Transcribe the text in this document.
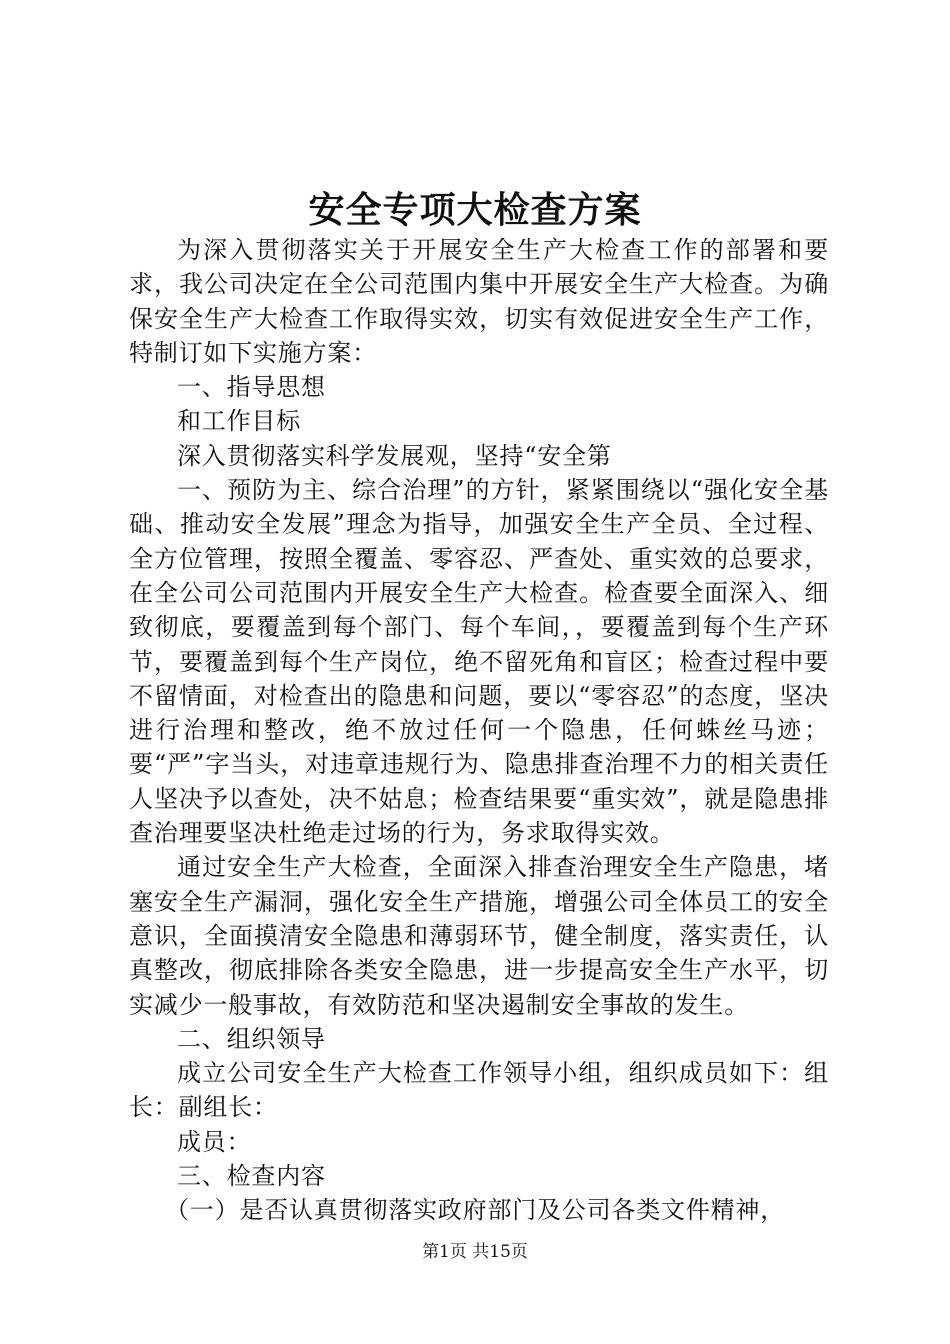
安全专项大检查方案

为深入贯彻落实关于开展安全生产大检查工作的部署和要求，我公司决定在全公司范围内集中开展安全生产大检查。为确保安全生产大检查工作取得实效，切实有效促进安全生产工作，特制订如下实施方案：

一、指导思想

和工作目标

深入贯彻落实科学发展观，坚持“安全第

一、预防为主、综合治理”的方针，紧紧围绕以“强化安全基础、推动安全发展”理念为指导，加强安全生产全员、全过程、全方位管理，按照全覆盖、零容忍、严查处、重实效的总要求，在全公司公司范围内开展安全生产大检查。检查要全面深入、细致彻底，要覆盖到每个部门、每个车间，，要覆盖到每个生产环节，要覆盖到每个生产岗位，绝不留死角和盲区；检查过程中要不留情面，对检查出的隐患和问题，要以“零容忍”的态度，坚决进行治理和整改，绝不放过任何一个隐患，任何蛛丝马迹；要“严”字当头，对违章违规行为、隐患排查治理不力的相关责任人坚决予以查处，决不姑息；检查结果要“重实效”，就是隐患排查治理要坚决杜绝走过场的行为，务求取得实效。

通过安全生产大检查，全面深入排查治理安全生产隐患，堵塞安全生产漏洞，强化安全生产措施，增强公司全体员工的安全意识，全面摸清安全隐患和薄弱环节，健全制度，落实责任，认真整改，彻底排除各类安全隐患，进一步提高安全生产水平，切实减少一般事故，有效防范和坚决遏制安全事故的发生。

二、组织领导

成立公司安全生产大检查工作领导小组，组织成员如下：组长：副组长：

成员：

三、检查内容

（一）是否认真贯彻落实政府部门及公司各类文件精神，

第1页 共15页
